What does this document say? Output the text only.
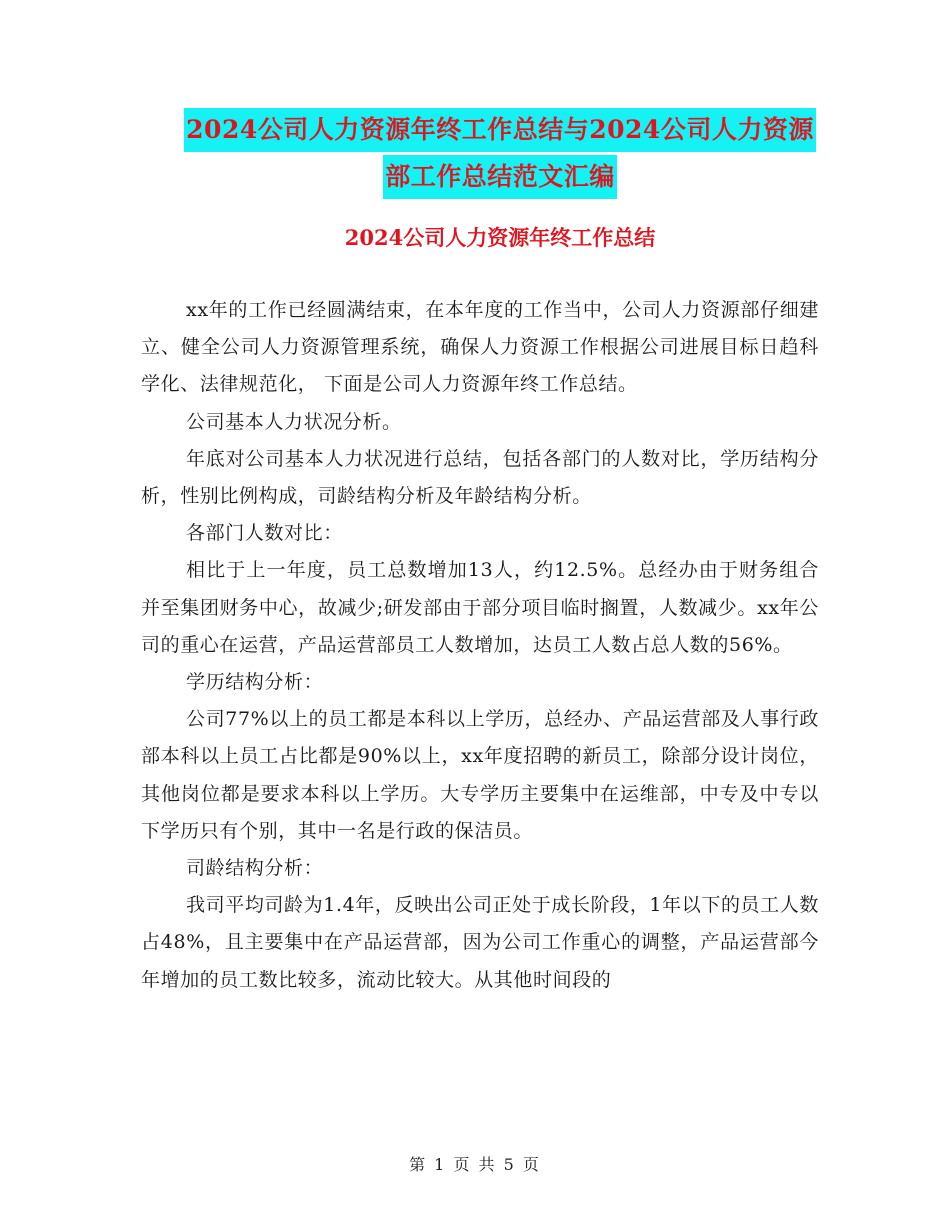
2024公司人力资源年终工作总结与2024公司人力资源
部工作总结范文汇编
2024公司人力资源年终工作总结

xx年的工作已经圆满结束，在本年度的工作当中，公司人力资源部仔细建立、健全公司人力资源管理系统，确保人力资源工作根据公司进展目标日趋科学化、法律规范化， 下面是公司人力资源年终工作总结。

公司基本人力状况分析。

年底对公司基本人力状况进行总结，包括各部门的人数对比，学历结构分析，性别比例构成，司龄结构分析及年龄结构分析。

各部门人数对比：

相比于上一年度，员工总数增加13人，约12.5%。总经办由于财务组合并至集团财务中心，故减少;研发部由于部分项目临时搁置，人数减少。xx年公司的重心在运营，产品运营部员工人数增加，达员工人数占总人数的56%。

学历结构分析：

公司77%以上的员工都是本科以上学历，总经办、产品运营部及人事行政部本科以上员工占比都是90%以上，xx年度招聘的新员工，除部分设计岗位，其他岗位都是要求本科以上学历。大专学历主要集中在运维部，中专及中专以下学历只有个别，其中一名是行政的保洁员。

司龄结构分析：

我司平均司龄为1.4年，反映出公司正处于成长阶段，1年以下的员工人数占48%，且主要集中在产品运营部，因为公司工作重心的调整，产品运营部今年增加的员工数比较多，流动比较大。从其他时间段的

第 1 页 共 5 页
